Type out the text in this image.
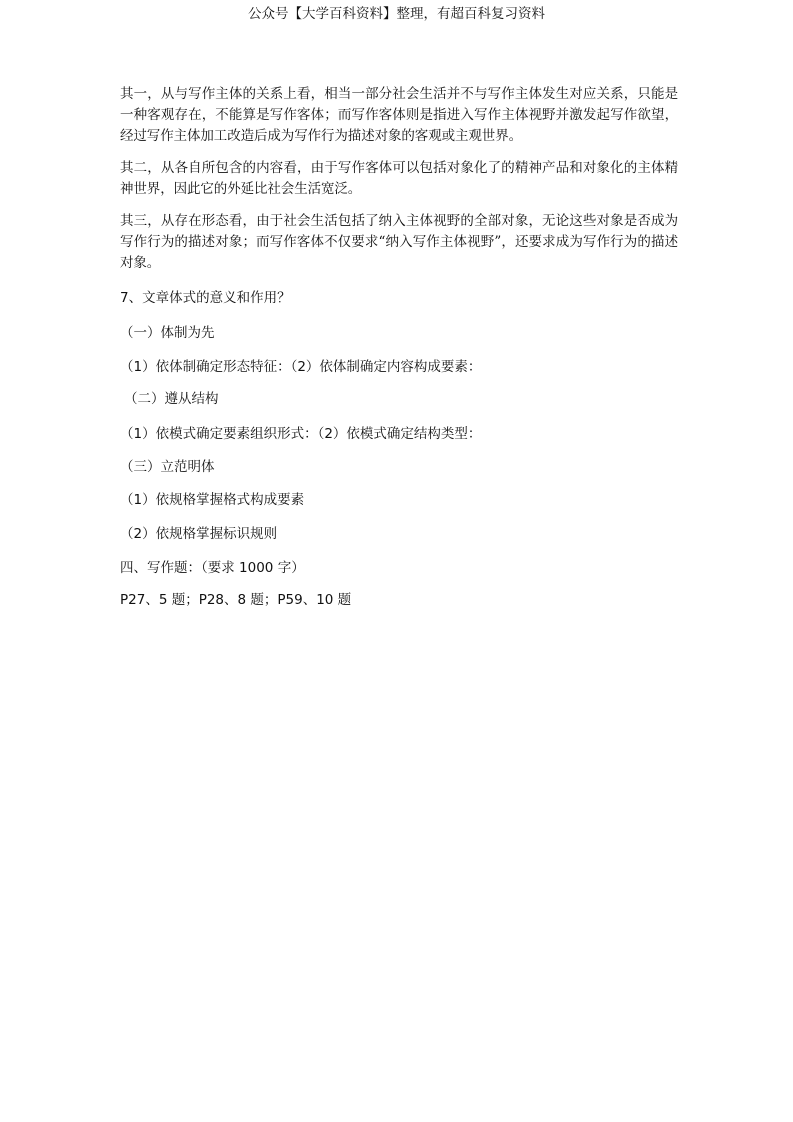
公众号【大学百科资料】整理，有超百科复习资料

其一，从与写作主体的关系上看，相当一部分社会生活并不与写作主体发生对应关系，只能是一种客观存在，不能算是写作客体；而写作客体则是指进入写作主体视野并激发起写作欲望，经过写作主体加工改造后成为写作行为描述对象的客观或主观世界。

其二，从各自所包含的内容看，由于写作客体可以包括对象化了的精神产品和对象化的主体精神世界，因此它的外延比社会生活宽泛。

其三，从存在形态看，由于社会生活包括了纳入主体视野的全部对象，无论这些对象是否成为写作行为的描述对象；而写作客体不仅要求“纳入写作主体视野”，还要求成为写作行为的描述对象。

7、文章体式的意义和作用？

（一）体制为先

（1）依体制确定形态特征：（2）依体制确定内容构成要素：

（二）遵从结构

（1）依模式确定要素组织形式：（2）依模式确定结构类型：

（三）立范明体

（1）依规格掌握格式构成要素

（2）依规格掌握标识规则

四、写作题：（要求 1000 字）

P27、5 题；P28、8 题；P59、10 题
